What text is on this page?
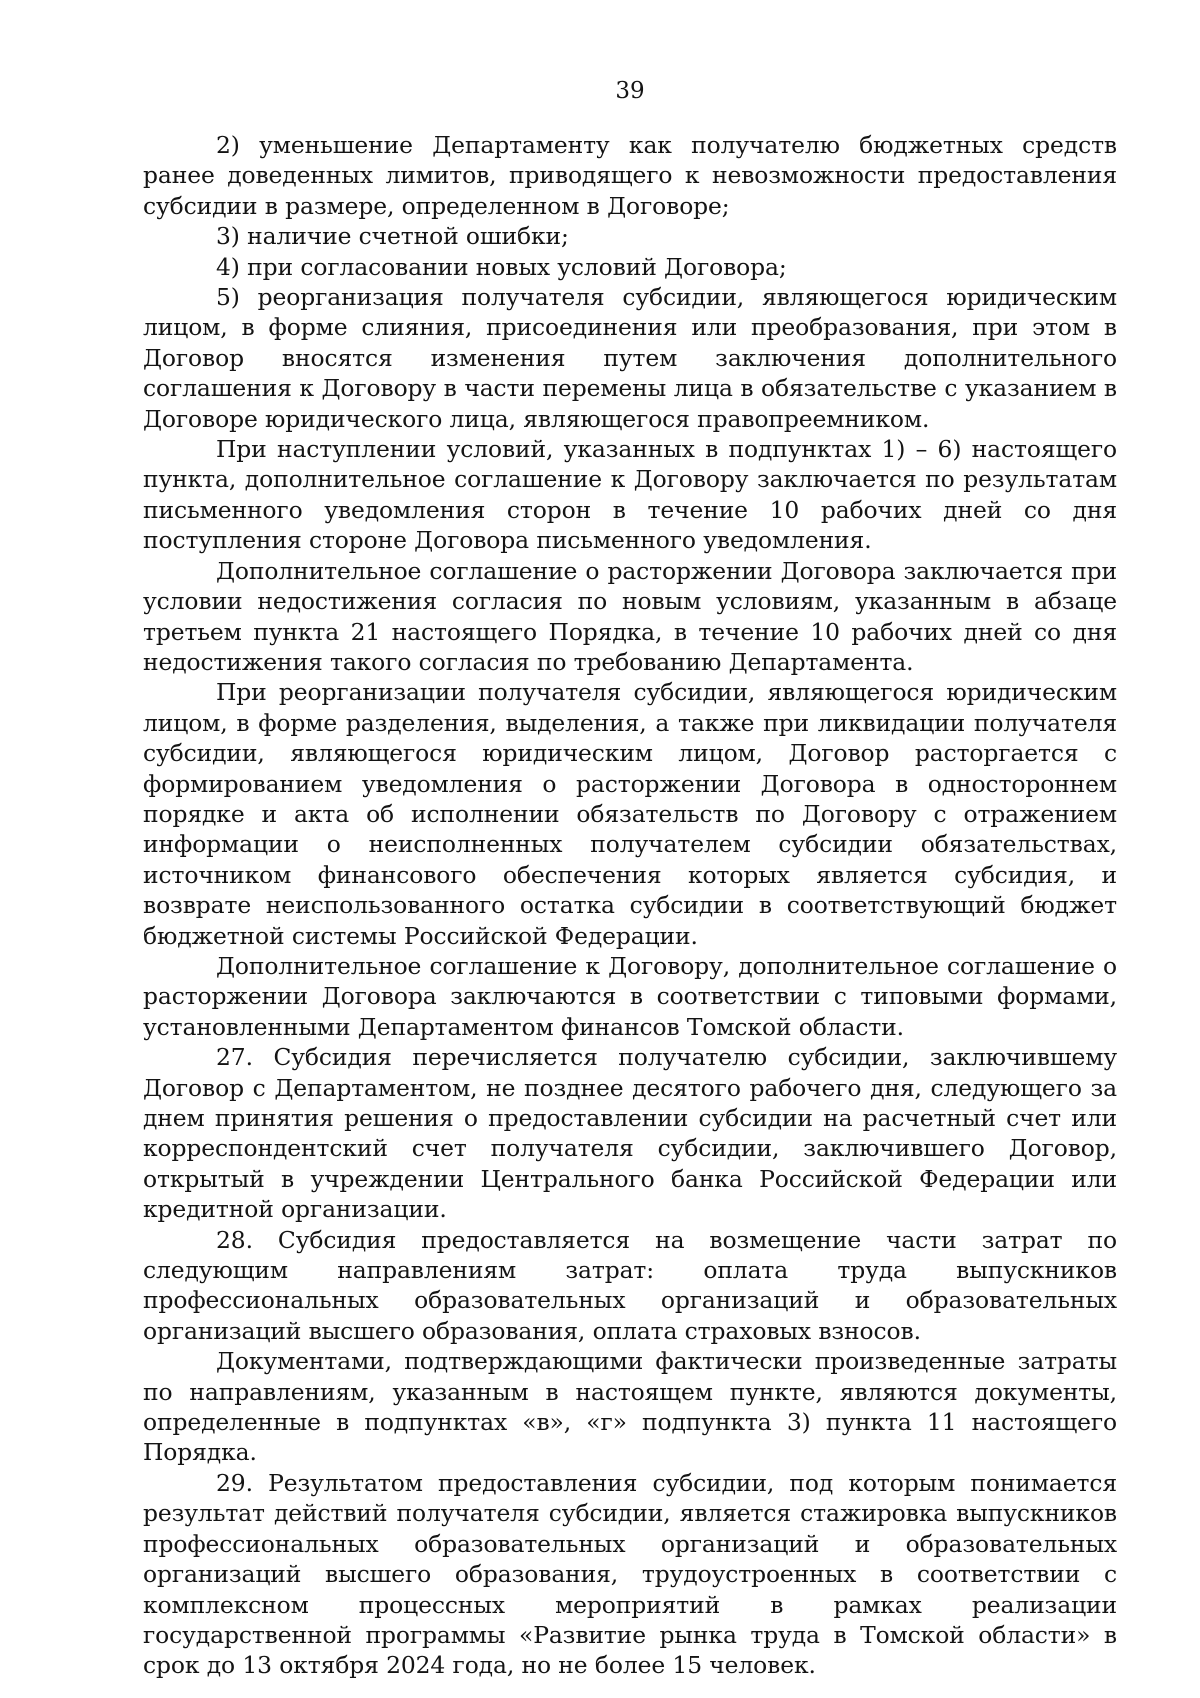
39

2) уменьшение Департаменту как получателю бюджетных средств ранее доведенных лимитов, приводящего к невозможности предоставления субсидии в размере, определенном в Договоре;

3) наличие счетной ошибки;

4) при согласовании новых условий Договора;

5) реорганизация получателя субсидии, являющегося юридическим лицом, в форме слияния, присоединения или преобразования, при этом в Договор вносятся изменения путем заключения дополнительного соглашения к Договору в части перемены лица в обязательстве с указанием в Договоре юридического лица, являющегося правопреемником.

При наступлении условий, указанных в подпунктах 1) – 6) настоящего пункта, дополнительное соглашение к Договору заключается по результатам письменного уведомления сторон в течение 10 рабочих дней со дня поступления стороне Договора письменного уведомления.

Дополнительное соглашение о расторжении Договора заключается при условии недостижения согласия по новым условиям, указанным в абзаце третьем пункта 21 настоящего Порядка, в течение 10 рабочих дней со дня недостижения такого согласия по требованию Департамента.

При реорганизации получателя субсидии, являющегося юридическим лицом, в форме разделения, выделения, а также при ликвидации получателя субсидии, являющегося юридическим лицом, Договор расторгается с формированием уведомления о расторжении Договора в одностороннем порядке и акта об исполнении обязательств по Договору с отражением информации о неисполненных получателем субсидии обязательствах, источником финансового обеспечения которых является субсидия, и возврате неиспользованного остатка субсидии в соответствующий бюджет бюджетной системы Российской Федерации.

Дополнительное соглашение к Договору, дополнительное соглашение о расторжении Договора заключаются в соответствии с типовыми формами, установленными Департаментом финансов Томской области.

27. Субсидия перечисляется получателю субсидии, заключившему Договор с Департаментом, не позднее десятого рабочего дня, следующего за днем принятия решения о предоставлении субсидии на расчетный счет или корреспондентский счет получателя субсидии, заключившего Договор, открытый в учреждении Центрального банка Российской Федерации или кредитной организации.

28. Субсидия предоставляется на возмещение части затрат по следующим направлениям затрат: оплата труда выпускников профессиональных образовательных организаций и образовательных организаций высшего образования, оплата страховых взносов.

Документами, подтверждающими фактически произведенные затраты по направлениям, указанным в настоящем пункте, являются документы, определенные в подпунктах «в», «г» подпункта 3) пункта 11 настоящего Порядка.

29. Результатом предоставления субсидии, под которым понимается результат действий получателя субсидии, является стажировка выпускников профессиональных образовательных организаций и образовательных организаций высшего образования, трудоустроенных в соответствии с комплексном процессных мероприятий в рамках реализации государственной программы «Развитие рынка труда в Томской области» в срок до 13 октября 2024 года, но не более 15 человек.
